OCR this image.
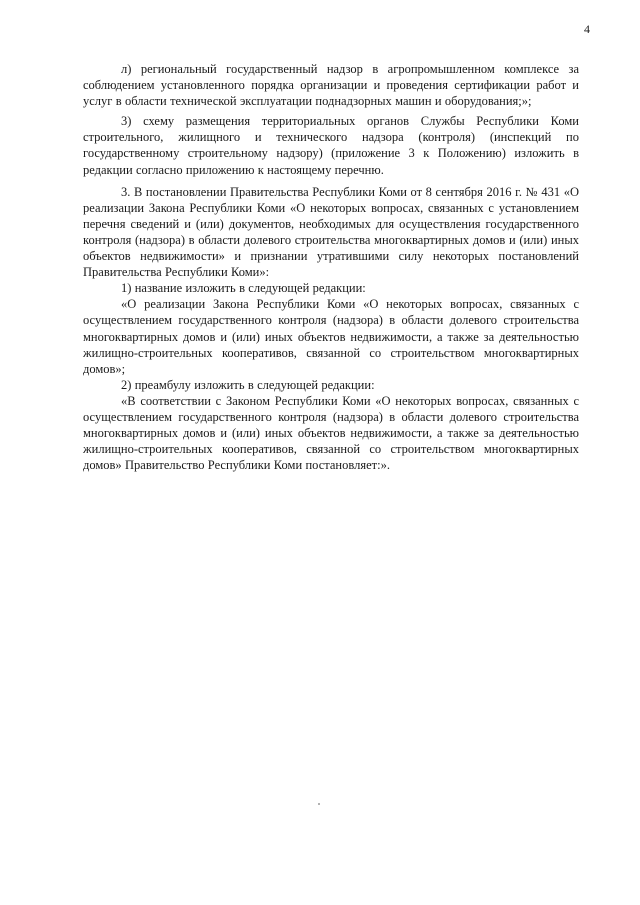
4

л) региональный государственный надзор в агропромышленном комплексе за соблюдением установленного порядка организации и проведения сертификации работ и услуг в области технической эксплуатации поднадзорных машин и оборудования;»;

3) схему размещения территориальных органов Службы Республики Коми строительного, жилищного и технического надзора (контроля) (инспекций по государственному строительному надзору) (приложение 3 к Положению) изложить в редакции согласно приложению к настоящему перечню.

3. В постановлении Правительства Республики Коми от 8 сентября 2016 г. № 431 «О реализации Закона Республики Коми «О некоторых вопросах, связанных с установлением перечня сведений и (или) документов, необходимых для осуществления государственного контроля (надзора) в области долевого строительства многоквартирных домов и (или) иных объектов недвижимости» и признании утратившими силу некоторых постановлений Правительства Республики Коми»:

1) название изложить в следующей редакции:

«О реализации Закона Республики Коми «О некоторых вопросах, связанных с осуществлением государственного контроля (надзора) в области долевого строительства многоквартирных домов и (или) иных объектов недвижимости, а также за деятельностью жилищно-строительных кооперативов, связанной со строительством многоквартирных домов»;

2) преамбулу изложить в следующей редакции:

«В соответствии с Законом Республики Коми «О некоторых вопросах, связанных с осуществлением государственного контроля (надзора) в области долевого строительства многоквартирных домов и (или) иных объектов недвижимости, а также за деятельностью жилищно-строительных кооперативов, связанной со строительством многоквартирных домов» Правительство Республики Коми постановляет:».
